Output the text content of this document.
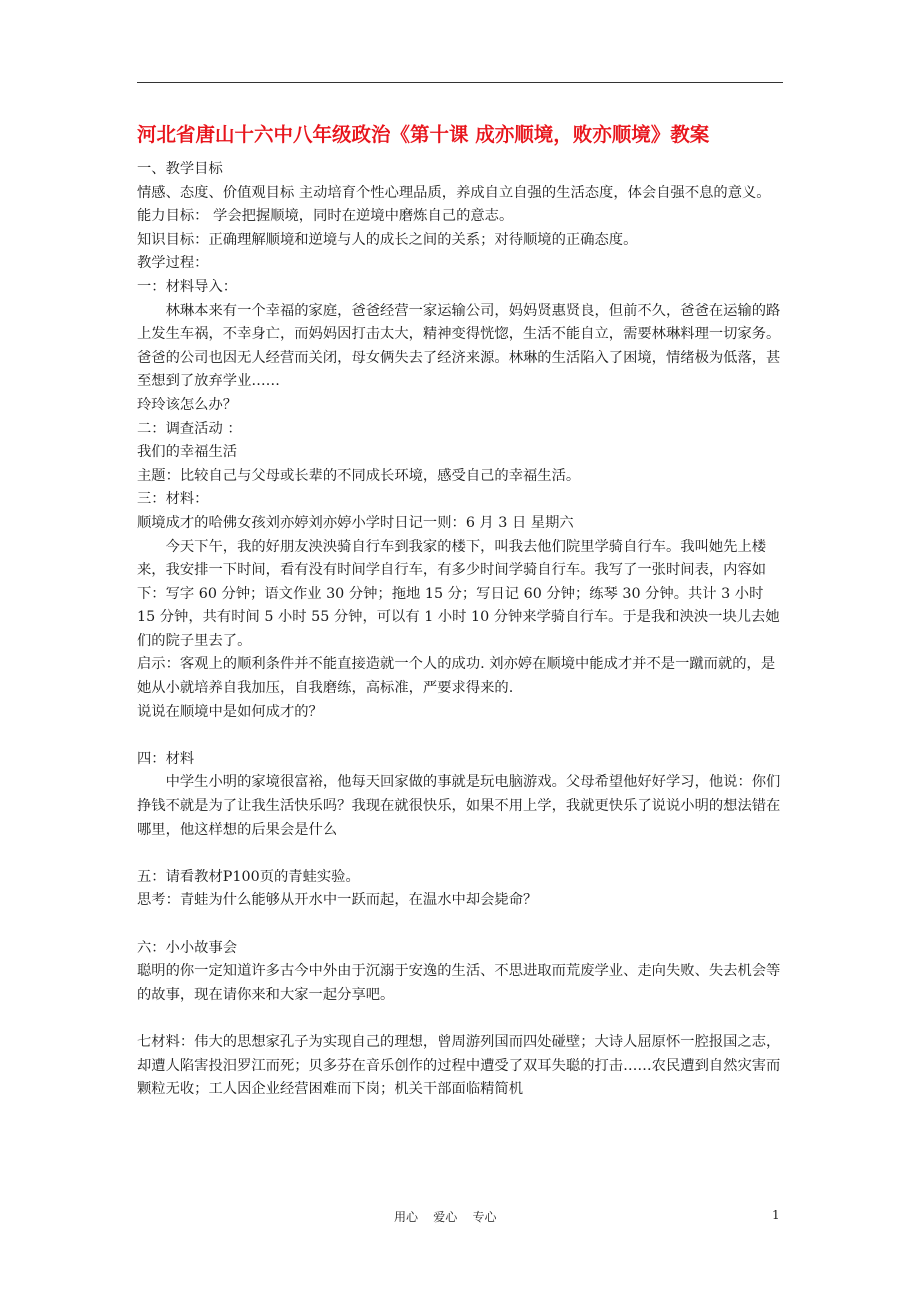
河北省唐山十六中八年级政治《第十课 成亦顺境，败亦顺境》教案

一、教学目标

情感、态度、价值观目标 主动培育个性心理品质，养成自立自强的生活态度，体会自强不息的意义。

能力目标： 学会把握顺境，同时在逆境中磨炼自己的意志。

知识目标：正确理解顺境和逆境与人的成长之间的关系；对待顺境的正确态度。

教学过程：

一：材料导入：

林琳本来有一个幸福的家庭，爸爸经营一家运输公司，妈妈贤惠贤良，但前不久，爸爸在运输的路上发生车祸，不幸身亡，而妈妈因打击太大，精神变得恍惚，生活不能自立，需要林琳料理一切家务。爸爸的公司也因无人经营而关闭，母女俩失去了经济来源。林琳的生活陷入了困境，情绪极为低落，甚至想到了放弃学业……

玲玲该怎么办？

二：调查活动 ：

我们的幸福生活

主题：比较自己与父母或长辈的不同成长环境，感受自己的幸福生活。

三：材料：

顺境成才的哈佛女孩刘亦婷刘亦婷小学时日记一则：6 月 3 日 星期六

今天下午，我的好朋友泱泱骑自行车到我家的楼下，叫我去他们院里学骑自行车。我叫她先上楼来，我安排一下时间，看有没有时间学自行车，有多少时间学骑自行车。我写了一张时间表，内容如下：写字 60 分钟；语文作业 30 分钟；拖地 15 分；写日记 60 分钟；练琴 30 分钟。共计 3 小时 15 分钟，共有时间 5 小时 55 分钟，可以有 1 小时 10 分钟来学骑自行车。于是我和泱泱一块儿去她们的院子里去了。

启示：客观上的顺利条件并不能直接造就一个人的成功. 刘亦婷在顺境中能成才并不是一蹴而就的，是她从小就培养自我加压，自我磨练，高标准，严要求得来的.

说说在顺境中是如何成才的？

四：材料

中学生小明的家境很富裕，他每天回家做的事就是玩电脑游戏。父母希望他好好学习，他说：你们挣钱不就是为了让我生活快乐吗？我现在就很快乐，如果不用上学，我就更快乐了说说小明的想法错在哪里，他这样想的后果会是什么

五：请看教材P100页的青蛙实验。

思考：青蛙为什么能够从开水中一跃而起，在温水中却会毙命？

六：小小故事会

聪明的你一定知道许多古今中外由于沉溺于安逸的生活、不思进取而荒废学业、走向失败、失去机会等的故事，现在请你来和大家一起分享吧。

七材料：伟大的思想家孔子为实现自己的理想，曾周游列国而四处碰壁；大诗人屈原怀一腔报国之志，却遭人陷害投汨罗江而死；贝多芬在音乐创作的过程中遭受了双耳失聪的打击……农民遭到自然灾害而颗粒无收；工人因企业经营困难而下岗；机关干部面临精简机

用心    爱心    专心	1
